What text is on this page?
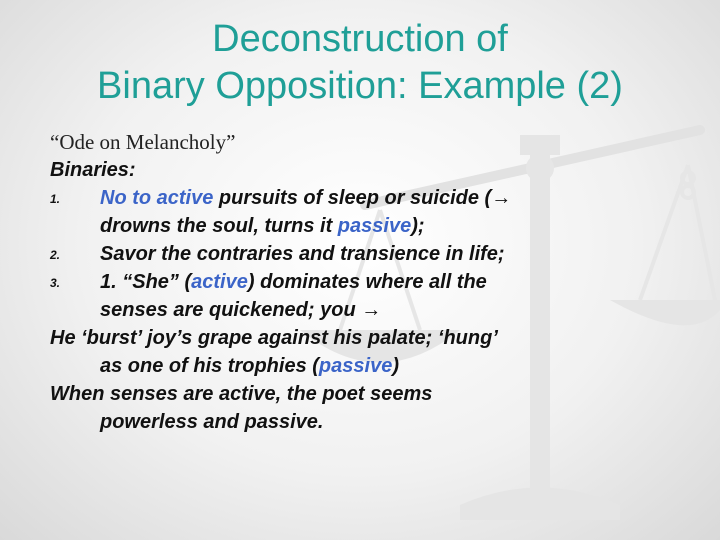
Deconstruction of
Binary Opposition: Example (2)
“Ode on Melancholy”
Binaries:
1. No to active pursuits of sleep or suicide (→
drowns the soul, turns it passive);
2. Savor the contraries and transience in life;
3. 1. “She” (active) dominates where all the
senses are quickened; you →
He ‘burst’ joy’s grape against his palate; ‘hung’
as one of his trophies (passive)
When senses are active, the poet seems
powerless and passive.
